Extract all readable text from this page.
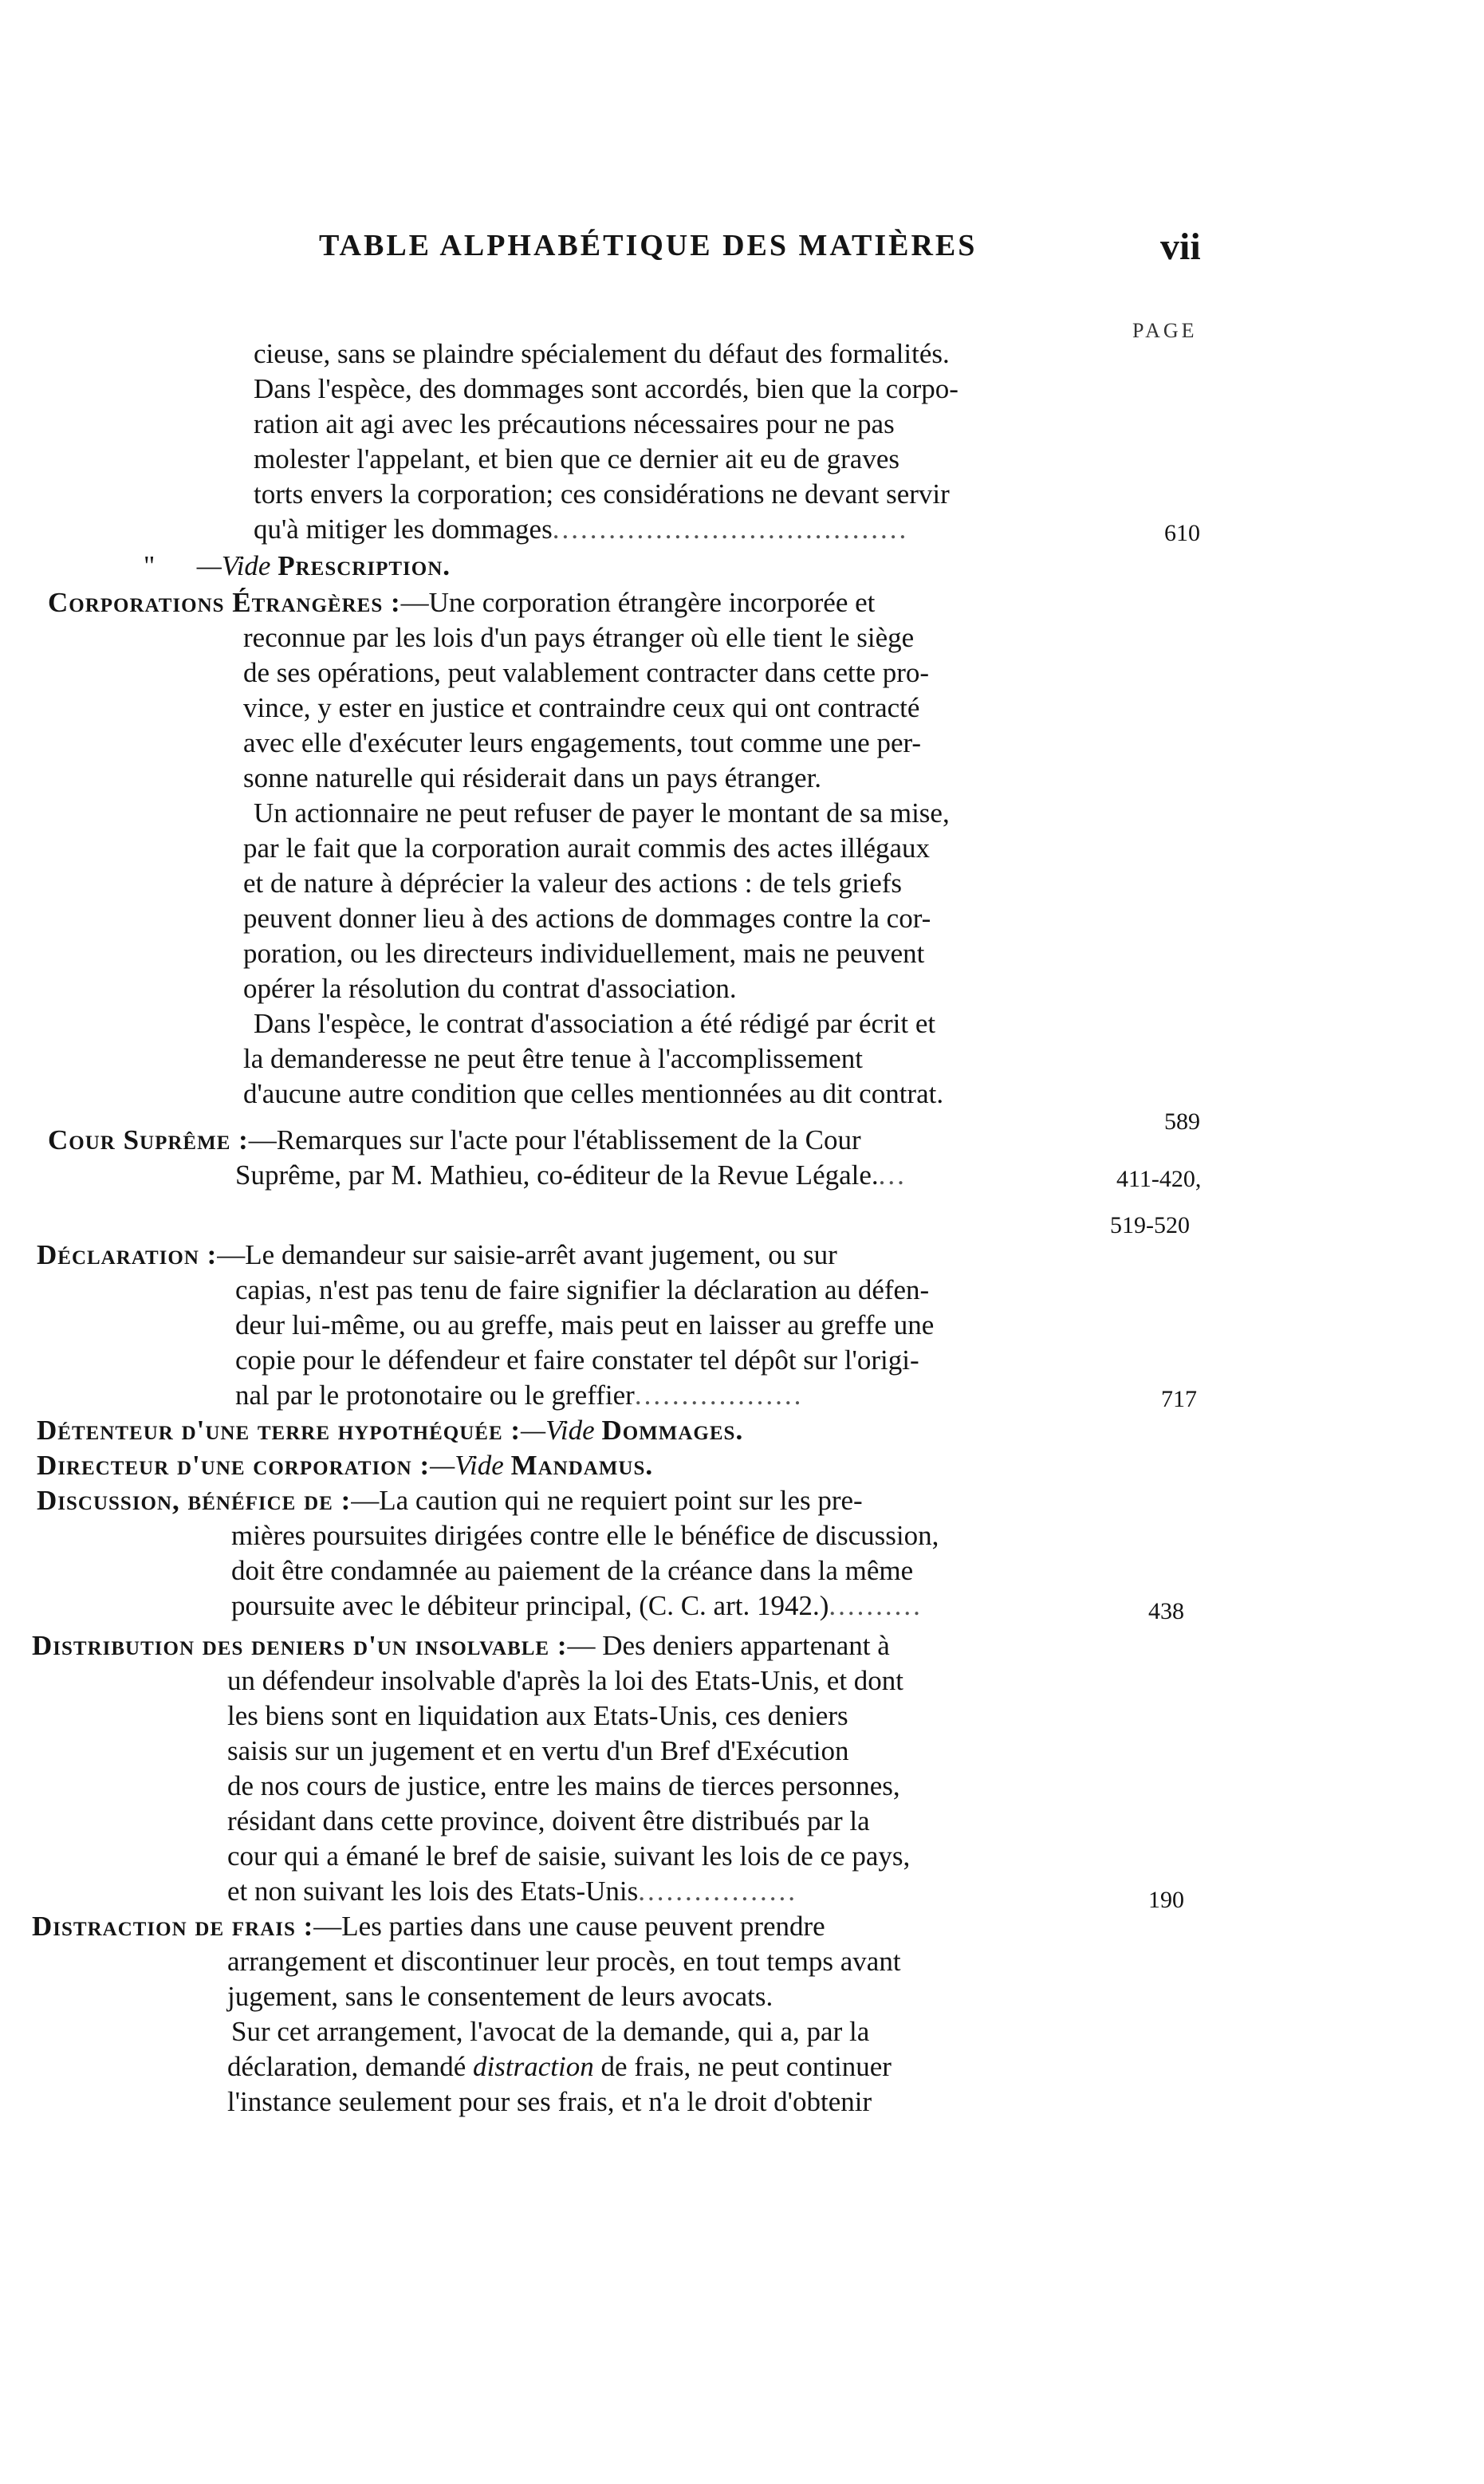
TABLE ALPHABÉTIQUE DES MATIÈRES	vii
PAGE
cieuse, sans se plaindre spécialement du défaut des formalités.
Dans l'espèce, des dommages sont accordés, bien que la corpo-
ration ait agi avec les précautions nécessaires pour ne pas
molester l'appelant, et bien que ce dernier ait eu de graves
torts envers la corporation; ces considérations ne devant servir
qu'à mitiger les dommages......................................	610
" —Vide Prescription.
Corporations Étrangères :—Une corporation étrangère incorporée et
reconnue par les lois d'un pays étranger où elle tient le siège
de ses opérations, peut valablement contracter dans cette pro-
vince, y ester en justice et contraindre ceux qui ont contracté
avec elle d'exécuter leurs engagements, tout comme une per-
sonne naturelle qui résiderait dans un pays étranger.
Un actionnaire ne peut refuser de payer le montant de sa mise,
par le fait que la corporation aurait commis des actes illégaux
et de nature à déprécier la valeur des actions : de tels griefs
peuvent donner lieu à des actions de dommages contre la cor-
poration, ou les directeurs individuellement, mais ne peuvent
opérer la résolution du contrat d'association.
Dans l'espèce, le contrat d'association a été rédigé par écrit et
la demanderesse ne peut être tenue à l'accomplissement
d'aucune autre condition que celles mentionnées au dit contrat.
589
Cour Suprême :—Remarques sur l'acte pour l'établissement de la Cour
Suprême, par M. Mathieu, co-éditeur de la Revue Légale....	411-420,
519-520
Déclaration :—Le demandeur sur saisie-arrêt avant jugement, ou sur
capias, n'est pas tenu de faire signifier la déclaration au défen-
deur lui-même, ou au greffe, mais peut en laisser au greffe une
copie pour le défendeur et faire constater tel dépôt sur l'origi-
nal par le protonotaire ou le greffier..................	717
Détenteur d'une terre hypothéquée :—Vide Dommages.
Directeur d'une corporation :—Vide Mandamus.
Discussion, bénéfice de :—La caution qui ne requiert point sur les pre-
mières poursuites dirigées contre elle le bénéfice de discussion,
doit être condamnée au paiement de la créance dans la même
poursuite avec le débiteur principal, (C. C. art. 1942.)..........	438
Distribution des deniers d'un insolvable :— Des deniers appartenant à
un défendeur insolvable d'après la loi des Etats-Unis, et dont
les biens sont en liquidation aux Etats-Unis, ces deniers
saisis sur un jugement et en vertu d'un Bref d'Exécution
de nos cours de justice, entre les mains de tierces personnes,
résidant dans cette province, doivent être distribués par la
cour qui a émané le bref de saisie, suivant les lois de ce pays,
et non suivant les lois des Etats-Unis.................	190
Distraction de frais :—Les parties dans une cause peuvent prendre
arrangement et discontinuer leur procès, en tout temps avant
jugement, sans le consentement de leurs avocats.
Sur cet arrangement, l'avocat de la demande, qui a, par la
déclaration, demandé distraction de frais, ne peut continuer
l'instance seulement pour ses frais, et n'a le droit d'obtenir
